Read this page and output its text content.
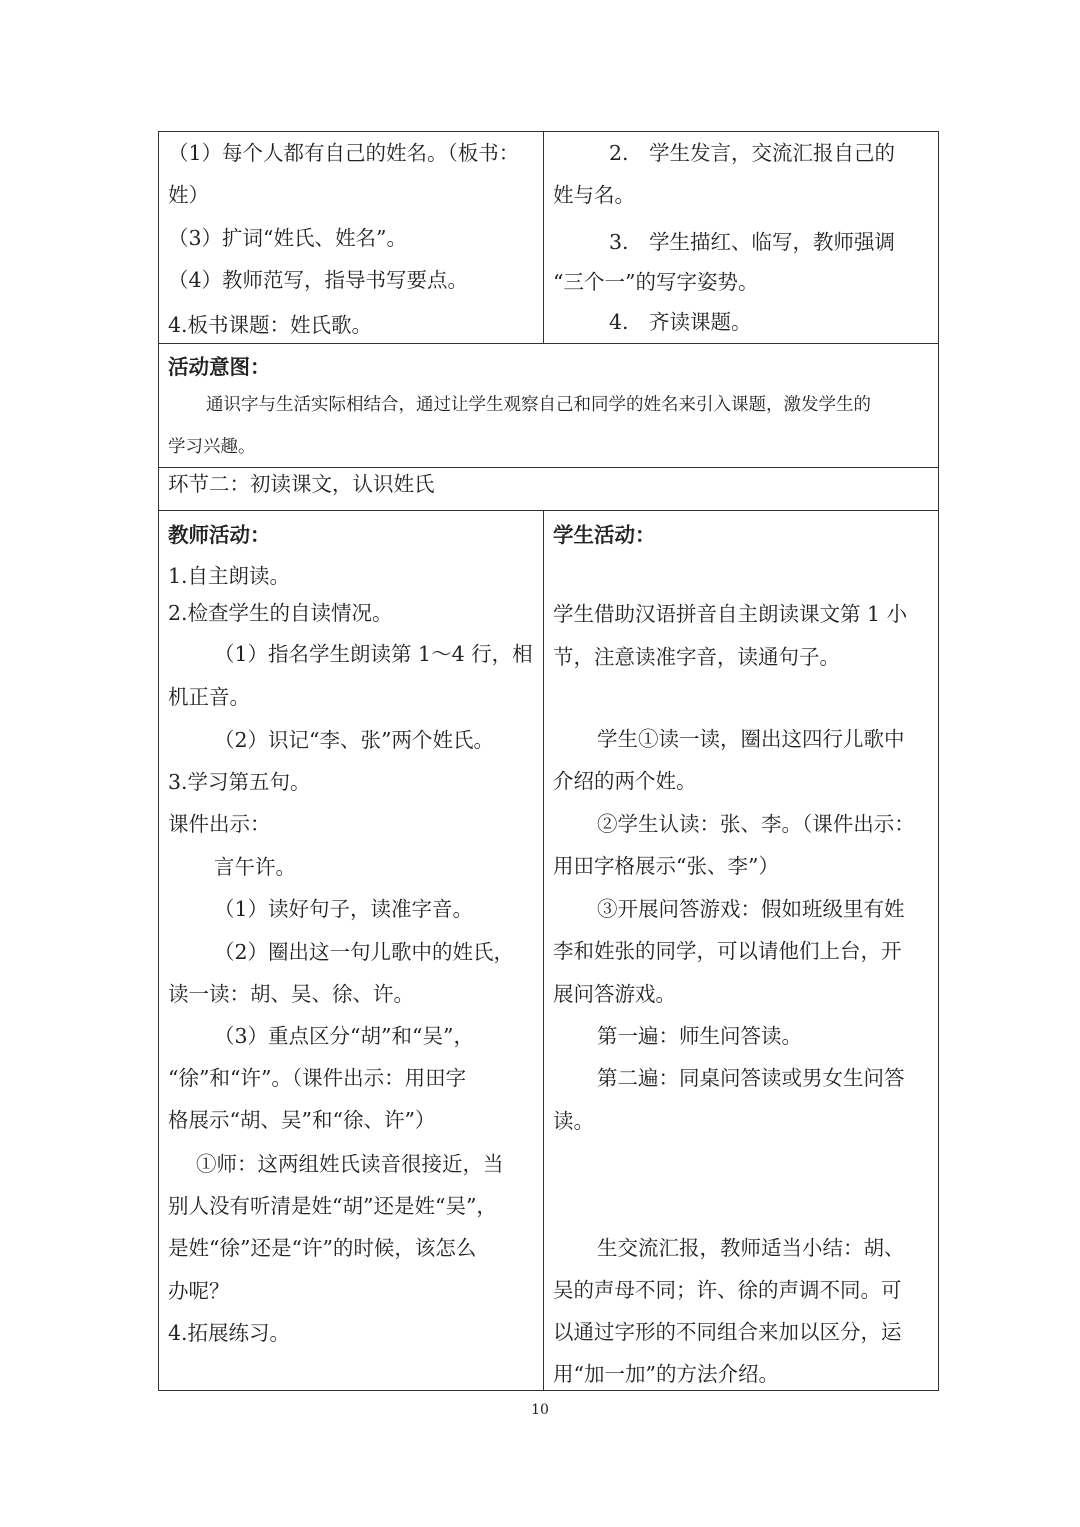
（1）每个人都有自己的姓名。（板书：
姓）
（3）扩词“姓氏、姓名”。
（4）教师范写，指导书写要点。
4.板书课题：姓氏歌。
2.　学生发言，交流汇报自己的
姓与名。
3.　学生描红、临写，教师强调
“三个一”的写字姿势。
4.　齐读课题。
活动意图：
通识字与生活实际相结合，通过让学生观察自己和同学的姓名来引入课题，激发学生的
学习兴趣。
环节二：初读课文，认识姓氏
教师活动：
1.自主朗读。
2.检查学生的自读情况。
（1）指名学生朗读第 1～4 行，相
机正音。
（2）识记“李、张”两个姓氏。
3.学习第五句。
课件出示：
言午许。
（1）读好句子，读准字音。
（2）圈出这一句儿歌中的姓氏，
读一读：胡、吴、徐、许。
（3）重点区分“胡”和“吴”，
“徐”和“许”。（课件出示：用田字
格展示“胡、吴”和“徐、许”）
①师：这两组姓氏读音很接近，当
别人没有听清是姓“胡”还是姓“吴”，
是姓“徐”还是“许”的时候，该怎么
办呢？
4.拓展练习。
学生活动：
学生借助汉语拼音自主朗读课文第 1 小
节，注意读准字音，读通句子。
学生①读一读，圈出这四行儿歌中
介绍的两个姓。
②学生认读：张、李。（课件出示：
用田字格展示“张、李”）
③开展问答游戏：假如班级里有姓
李和姓张的同学，可以请他们上台，开
展问答游戏。
第一遍：师生问答读。
第二遍：同桌问答读或男女生问答
读。
生交流汇报，教师适当小结：胡、
吴的声母不同；许、徐的声调不同。可
以通过字形的不同组合来加以区分，运
用“加一加”的方法介绍。
10
